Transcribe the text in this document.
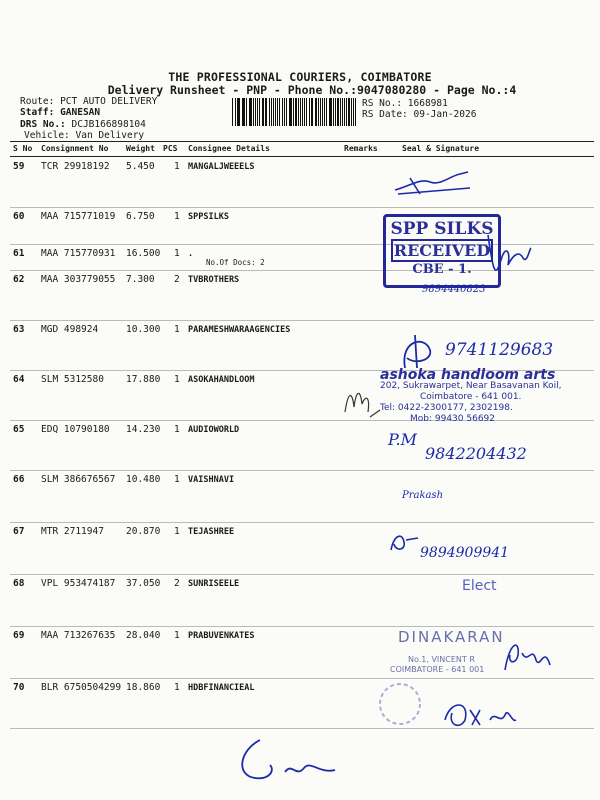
THE PROFESSIONAL COURIERS, COIMBATORE
Delivery Runsheet - PNP - Phone No.:9047080280 - Page No.:4
Route: PCT AUTO DELIVERY
Staff: GANESAN
DRS No.: DCJB166898104
Vehicle: Van Delivery
RS No.: 1668981
RS Date: 09-Jan-2026
S No Consignment No Weight PCS Consignee Details	Remarks	Seal & Signature
59 TCR 29918192 5.450 1 MANGALJWEEELS
60 MAA 715771019 6.750 1 SPPSILKS
61 MAA 715770931 16.500 1 .
62 MAA 303779055 7.300 2 TVBROTHERS
63 MGD 498924	10.300 1 PARAMESHWARAAGENCIES
64 SLM 5312580 17.880 1 ASOKAHANDLOOM
65 EDQ 10790180 14.230 1 AUDIOWORLD
66 SLM 386676567 10.480 1 VAISHNAVI
67 MTR 2711947 20.870 1 TEJASHREE
68 VPL 953474187 37.050 2 SUNRISEELE
69 MAA 713267635 28.040 1 PRABUVENKATES
70 BLR 6750504299 18.860 1 HDBFINANCIEAL
No.Of Docs: 2
SPP SILKS
RECEIVED
CBE - 1.
ashoka handloom arts
202, Sukrawarpet, Near Basavanan Koil,
Coimbatore - 641 001.
Tel: 0422-2300177, 2302198.
Mob: 99430 56692
Elect
DINAKARAN
No.1, VINCENT R
COIMBATORE - 641 001
9894440823
9741129683
P.M
9842204432
Prakash
9894909941
